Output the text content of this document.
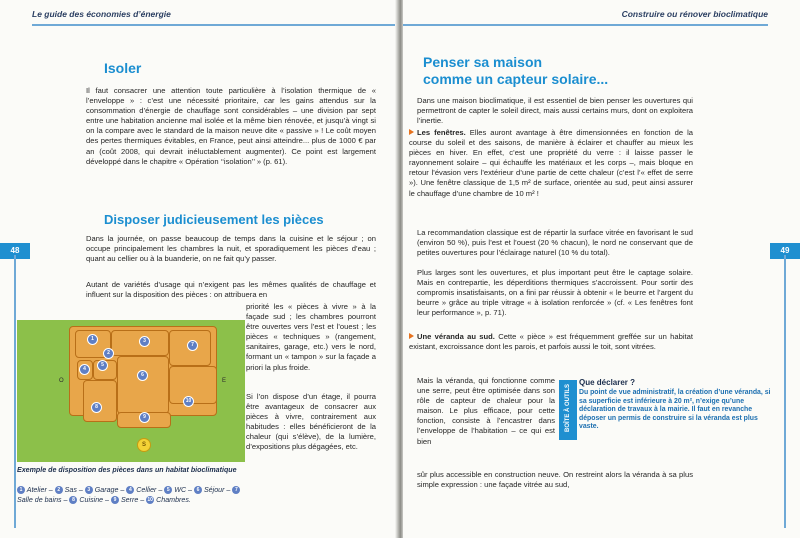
Le guide des économies d’énergie
48
Isoler

Il faut consacrer une attention toute particulière à l’isolation thermique de « l’enveloppe » : c’est une nécessité prioritaire, car les gains attendus sur la consommation d’énergie de chauffage sont considérables – une division par sept entre une habitation ancienne mal isolée et la même bien rénovée, et jusqu’à vingt si on la compare avec le standard de la maison neuve dite « passive » ! Le coût moyen des pertes thermiques évitables, en France, peut ainsi atteindre... plus de 1000 € par an (coût 2008, qui devrait inéluctablement augmenter). Ce point est largement développé dans le chapitre « Opération ‘‘isolation’’ » (p. 61).

Disposer judicieusement les pièces

Dans la journée, on passe beaucoup de temps dans la cuisine et le séjour ; on occupe principalement les chambres la nuit, et sporadiquement les pièces d’eau ; quant au cellier ou à la buanderie, on ne fait qu’y passer.

Autant de variétés d’usage qui n’exigent pas les mêmes qualités de chauffage et influent sur la disposition des pièces : on attribuera en

priorité les « pièces à vivre » à la façade sud ; les chambres pourront être ouvertes vers l’est et l’ouest ; les pièces « techniques » (rangement, sanitaires, garage, etc.) vers le nord, formant un « tampon » sur la façade a priori la plus froide.

Si l’on dispose d’un étage, il pourra être avantageux de consacrer aux pièces à vivre, contrairement aux habitudes : elles bénéficieront de la chaleur (qui s’élève), de la lumière, d’expositions plus dégagées, etc.

1
2
3
4
5
6
7
8
9
10
O	E
S

Exemple de disposition des pièces dans un habitat bioclimatique

1 Atelier – 2 Sas – 3 Garage – 4 Cellier – 5 WC – 6 Séjour – 7 Salle de bains – 8 Cuisine – 9 Serre – 10 Chambres.
Construire ou rénover bioclimatique
49
Penser sa maison
comme un capteur solaire...

Dans une maison bioclimatique, il est essentiel de bien penser les ouvertures qui permettront de capter le soleil direct, mais aussi certains murs, dont on exploitera l’inertie.

Les fenêtres. Elles auront avantage à être dimensionnées en fonction de la course du soleil et des saisons, de manière à éclairer et chauffer au mieux les pièces en hiver. En effet, c’est une propriété du verre : il laisse passer le rayonnement solaire – qui échauffe les matériaux et les corps –, mais bloque en retour l’évasion vers l’extérieur d’une partie de cette chaleur (c’est l’« effet de serre »). Une fenêtre classique de 1,5 m² de surface, orientée au sud, peut ainsi assurer le chauffage d’une chambre de 10 m² !

La recommandation classique est de répartir la surface vitrée en favorisant le sud (environ 50 %), puis l’est et l’ouest (20 % chacun), le nord ne conservant que de petites ouvertures pour l’éclairage naturel (10 % du total).

Plus larges sont les ouvertures, et plus important peut être le captage solaire. Mais en contrepartie, les déperditions thermiques s’accroissent. Pour sortir des compromis insatisfaisants, on a fini par réussir à obtenir « le beurre et l’argent du beurre » grâce au triple vitrage « à isolation renforcée » (cf. « Les fenêtres font leur performance », p. 71).

Une véranda au sud. Cette « pièce » est fréquemment greffée sur un habitat existant, excroissance dont les parois, et parfois aussi le toit, sont vitrées.

Mais la véranda, qui fonctionne comme une serre, peut être optimisée dans son rôle de capteur de chaleur pour la maison. Le plus efficace, pour cette fonction, consiste à l’encastrer dans l’enveloppe de l’habitation – ce qui est bien

sûr plus accessible en construction neuve. On restreint alors la véranda à sa plus simple expression : une façade vitrée au sud,

BOÎTE À OUTILS

Que déclarer ?

Du point de vue administratif, la création d’une véranda, si sa superficie est inférieure à 20 m², n’exige qu’une déclaration de travaux à la mairie. Il faut en revanche déposer un permis de construire si la véranda est plus vaste.
